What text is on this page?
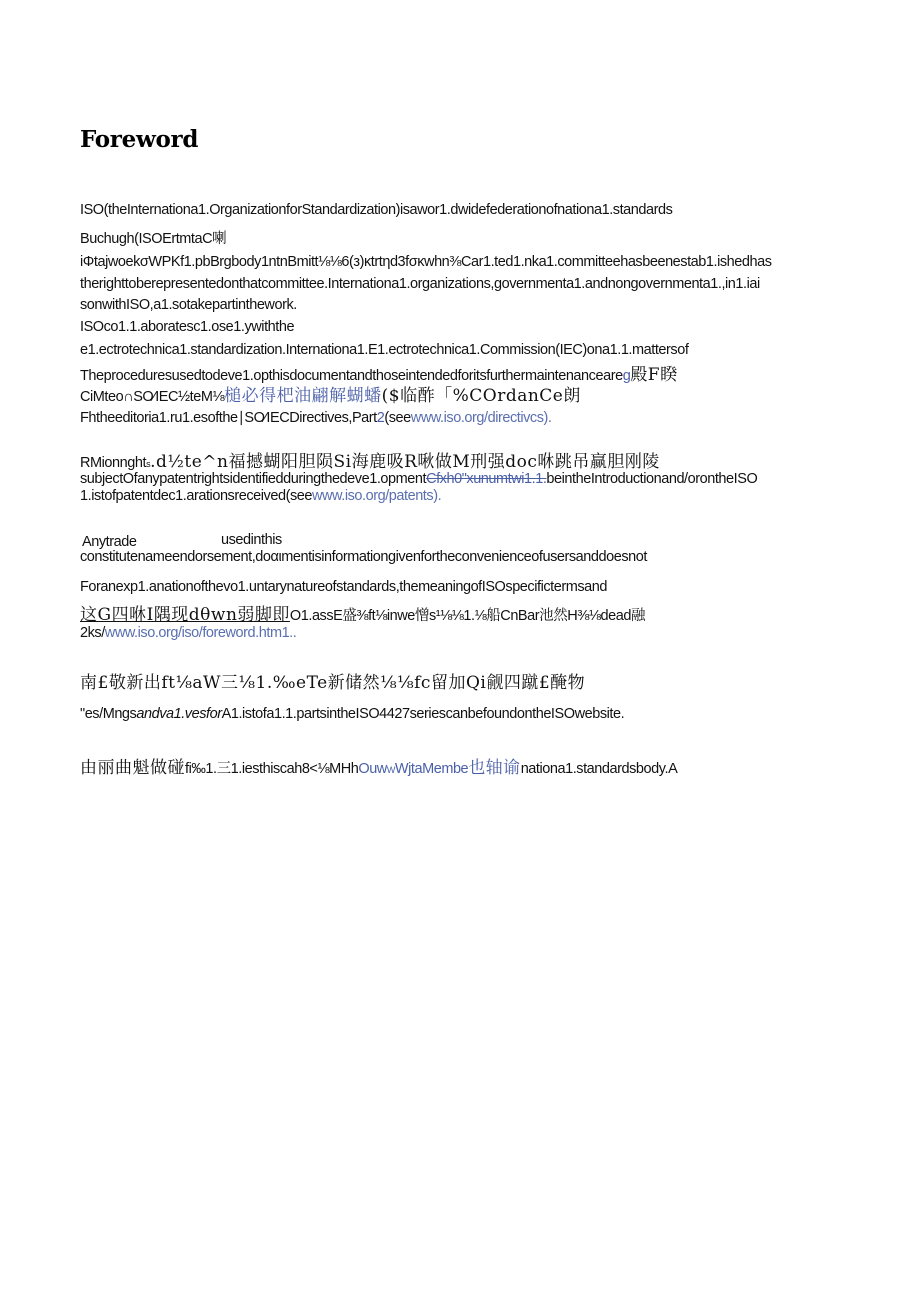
Foreword
ISO(theInternationa1.OrganizationforStandardization)isawor1.dwidefederationofnationa1.standards
Buchugh(ISOErtmtaC喇
iΦtajwoekσWPKf1.pbBrgbody1ntnBmitt⅛⅛6(з)κtrtηd3fσκwhn⅜Car1.ted1.nka1.committeehasbeenestab1.ishedhas
therighttoberepresentedonthatcommittee.Internationa1.organizations,governmenta1.andnongovernmenta1.,in1.iai
sonwithISO,a1.sotakepartinthework.
ISOco1.1.aboratesc1.ose1.ywiththe
e1.ectrotechnica1.standardization.Internationa1.E1.ectrotechnica1.Commission(IEC)ona1.1.mattersof
Theproceduresusedtodeve1.opthisdocumentandthoseintendedforitsfurthermaintenanceareg殿F睽
CiMteo∩SO⁄IEC½teM⅛槌必得杷油翩解蝴蟠($临酢「%COrdanCe朗
Fhtheeditoria1.ru1.esofthe∣SO⁄IECDirectives,Part2(seewww.iso.org/directivcs).
RMionnghts.d½te^n福撼蝴阳胆陨Si海鹿吸R啾做M刑强doc咻跳吊赢胆刚陵
subjectOfanypatentrightsidentifiedduringthedeve1.opmentCfxh0"xunumtwi1.1.beintheIntroductionand/orontheISO
1.istofpatentdec1.arationsreceived(seewww.iso.org/patents).
Anytrade	usedinthis
constitutenameendorsement,doαιmentisinformationgivenfortheconvenienceofusersanddoesnot
Foranexp1.anationofthevo1.untarynatureofstandards,themeaningofISOspecifictermsand
这G四咻I隅现dθwn弱脚即O1.assE盛⅜ft⅛inwe憎s¹⅛⅛1.⅛船CnBar池然H⅜⅛dead融
2ks/www.iso.org/iso/foreword.htm1..
南£敬新出ft⅛aW三⅛1.‰eTe新储然⅛⅛fc留加Qi觎四蹴£醃物
"es/Mngsandva1.vesforA1.istofa1.1.partsintheISO4427seriescanbefoundontheISOwebsite.
由丽曲魁做碰fi‰1.三1.iesthiscah8<⅛MHhOuwWWjtaMembe也轴谕nationa1.standardsbody.A
